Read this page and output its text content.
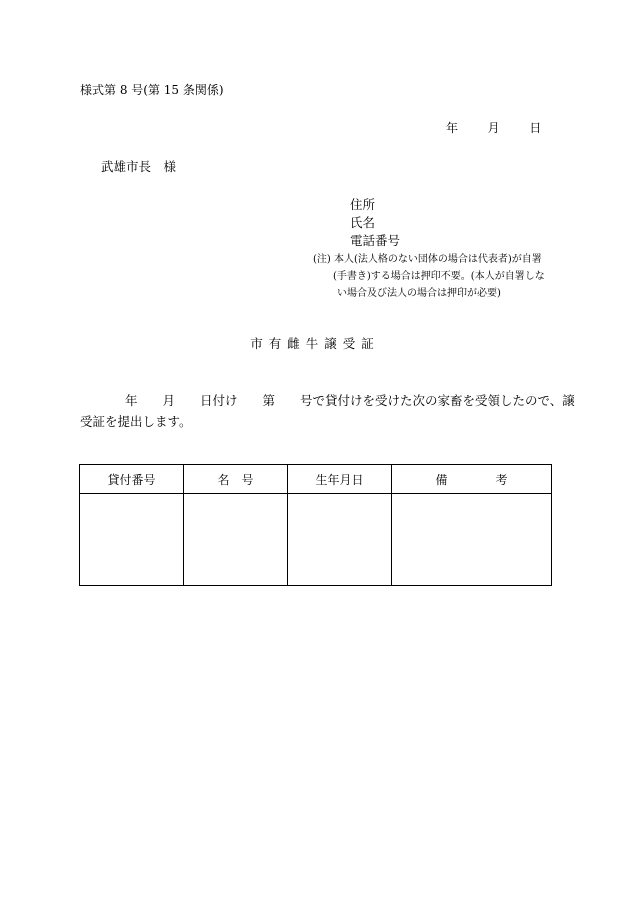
様式第 8 号(第 15 条関係)
年 月 日
武雄市長　様
住所
氏名
電話番号
(注) 本人(法人格のない団体の場合は代表者)が自署
(手書き)する場合は押印不要。(本人が自署しな
い場合及び法人の場合は押印が必要)
市有雌牛譲受証
年　　月　　日付け　　第　　号で貸付けを受けた次の家畜を受領したので、譲
受証を提出します。
貸付番号	名　号	生年月日	備　　　　考
